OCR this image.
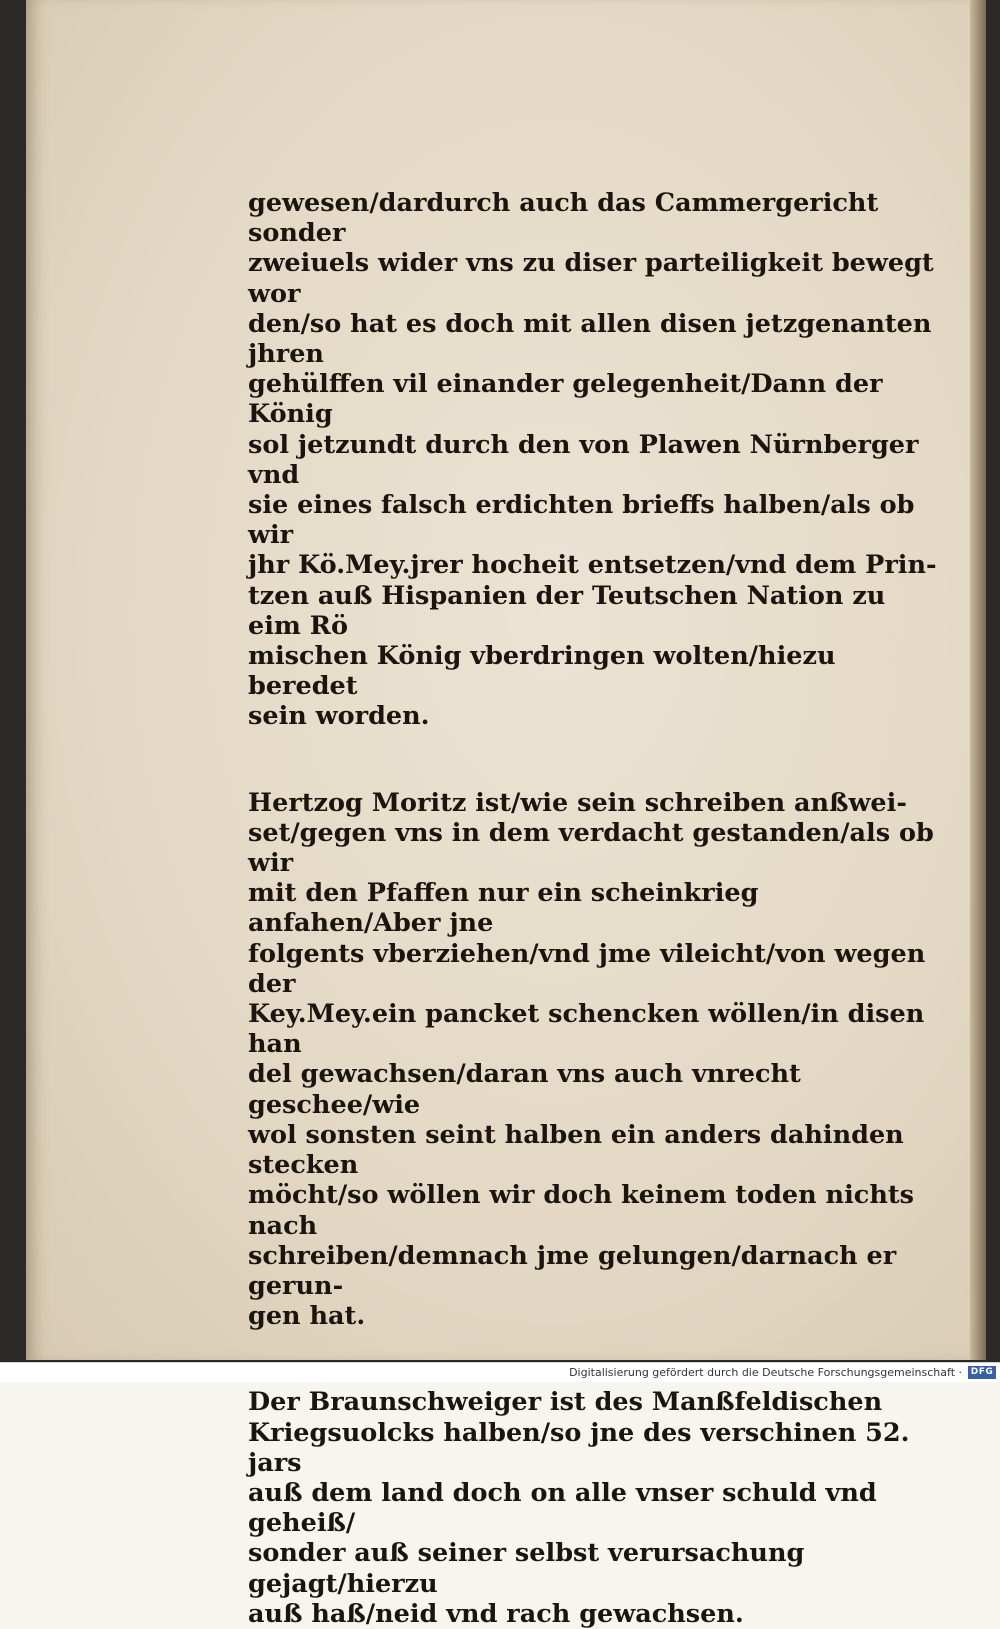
gewesen/dardurch auch das Cammergericht sonder
zweiuels wider vns zu diser parteiligkeit bewegt wor
den/so hat es doch mit allen disen jetzgenanten jhren
gehülffen vil einander gelegenheit/Dann der König
sol jetzundt durch den von Plawen Nürnberger vnd
sie eines falsch erdichten brieffs halben/als ob wir
jhr Kö.Mey.jrer hocheit entsetzen/vnd dem Prin-
tzen auß Hispanien der Teutschen Nation zu eim Rö
mischen König vberdringen wolten/hiezu beredet
sein worden.

Hertzog Moritz ist/wie sein schreiben anßwei-
set/gegen vns in dem verdacht gestanden/als ob wir
mit den Pfaffen nur ein scheinkrieg anfahen/Aber jne
folgents vberziehen/vnd jme vileicht/von wegen der
Key.Mey.ein pancket schencken wöllen/in disen han
del gewachsen/daran vns auch vnrecht geschee/wie
wol sonsten seint halben ein anders dahinden stecken
möcht/so wöllen wir doch keinem toden nichts nach
schreiben/demnach jme gelungen/darnach er gerun-
gen hat.

Der Braunschweiger ist des Manßfeldischen
Kriegsuolcks halben/so jne des verschinen 52. jars
auß dem land doch on alle vnser schuld vnd geheiß/
sonder auß seiner selbst verursachung gejagt/hierzu
auß haß/neid vnd rach gewachsen.

Digitalisierung gefördert durch die Deutsche Forschungsgemeinschaft · DFG
